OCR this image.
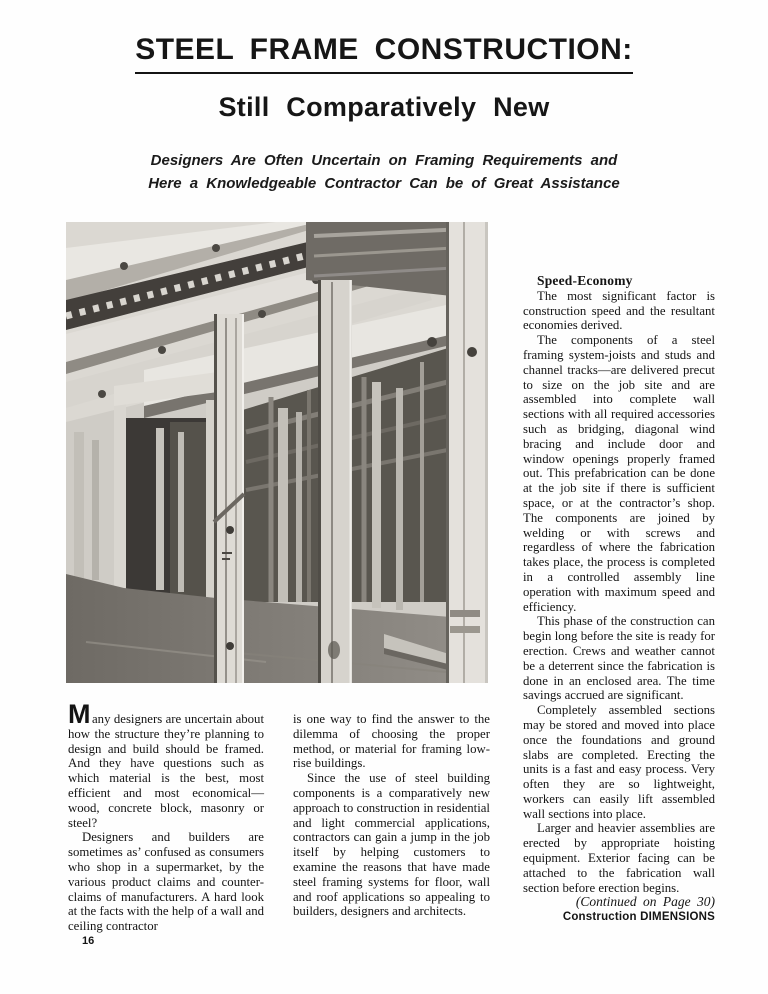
STEEL FRAME CONSTRUCTION:
Still Comparatively New
Designers Are Often Uncertain on Framing Requirements and
Here a Knowledgeable Contractor Can be of Great Assistance

Many designers are uncertain about how the structure they’re planning to design and build should be framed. And they have questions such as which material is the best, most efficient and most economical—wood, concrete block, masonry or steel?

Designers and builders are sometimes as’ confused as consumers who shop in a supermarket, by the various product claims and counter-claims of manufacturers. A hard look at the facts with the help of a wall and ceiling contractor

16

is one way to find the answer to the dilemma of choosing the proper method, or material for framing low-rise buildings.

Since the use of steel building components is a comparatively new approach to construction in residential and light commercial applications, contractors can gain a jump in the job itself by helping customers to examine the reasons that have made steel framing systems for floor, wall and roof applications so appealing to builders, designers and architects.

Speed-Economy

The most significant factor is construction speed and the resultant economies derived.

The components of a steel framing system-joists and studs and channel tracks—are delivered precut to size on the job site and are assembled into complete wall sections with all required accessories such as bridging, diagonal wind bracing and include door and window openings properly framed out. This prefabrication can be done at the job site if there is sufficient space, or at the contractor’s shop. The components are joined by welding or with screws and regardless of where the fabrication takes place, the process is completed in a controlled assembly line operation with maximum speed and efficiency.

This phase of the construction can begin long before the site is ready for erection. Crews and weather cannot be a deterrent since the fabrication is done in an enclosed area. The time savings accrued are significant.

Completely assembled sections may be stored and moved into place once the foundations and ground slabs are completed. Erecting the units is a fast and easy process. Very often they are so lightweight, workers can easily lift assembled wall sections into place.

Larger and heavier assemblies are erected by appropriate hoisting equipment. Exterior facing can be attached to the fabrication wall section before erection begins.

(Continued on Page 30)

Construction DIMENSIONS
